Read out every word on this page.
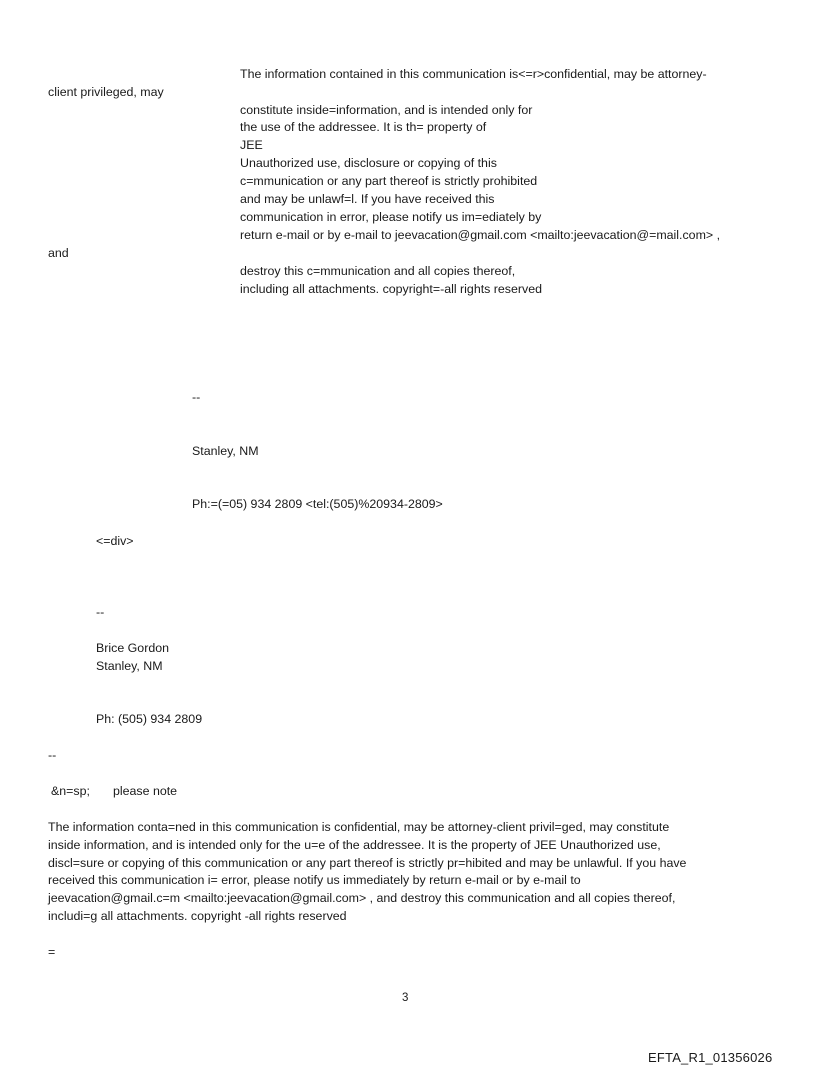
The information contained in this communication is<=r>confidential, may be attorney-

client privileged, may

constitute inside=information, and is intended only for

the use of the addressee. It is th= property of

JEE

Unauthorized use, disclosure or copying of this

c=mmunication or any part thereof is strictly prohibited

and may be unlawf=l. If you have received this

communication in error, please notify us im=ediately by

return e-mail or by e-mail to jeevacation@gmail.com <mailto:jeevacation@=mail.com> ,

and

destroy this c=mmunication and all copies thereof,

including all attachments. copyright=-all rights reserved

--

Stanley, NM

Ph:=(=05) 934 2809 <tel:(505)%20934-2809>

<=div>

--

Brice Gordon

Stanley, NM

Ph: (505) 934 2809

--

&n=sp; please note

The information conta=ned in this communication is confidential, may be attorney-client privil=ged, may constitute

inside information, and is intended only for the u=e of the addressee. It is the property of JEE Unauthorized use,

discl=sure or copying of this communication or any part thereof is strictly pr=hibited and may be unlawful. If you have

received this communication i= error, please notify us immediately by return e-mail or by e-mail to

jeevacation@gmail.c=m <mailto:jeevacation@gmail.com> , and destroy this communication and all copies thereof,

includi=g all attachments. copyright -all rights reserved

=

3
EFTA_R1_01356026
